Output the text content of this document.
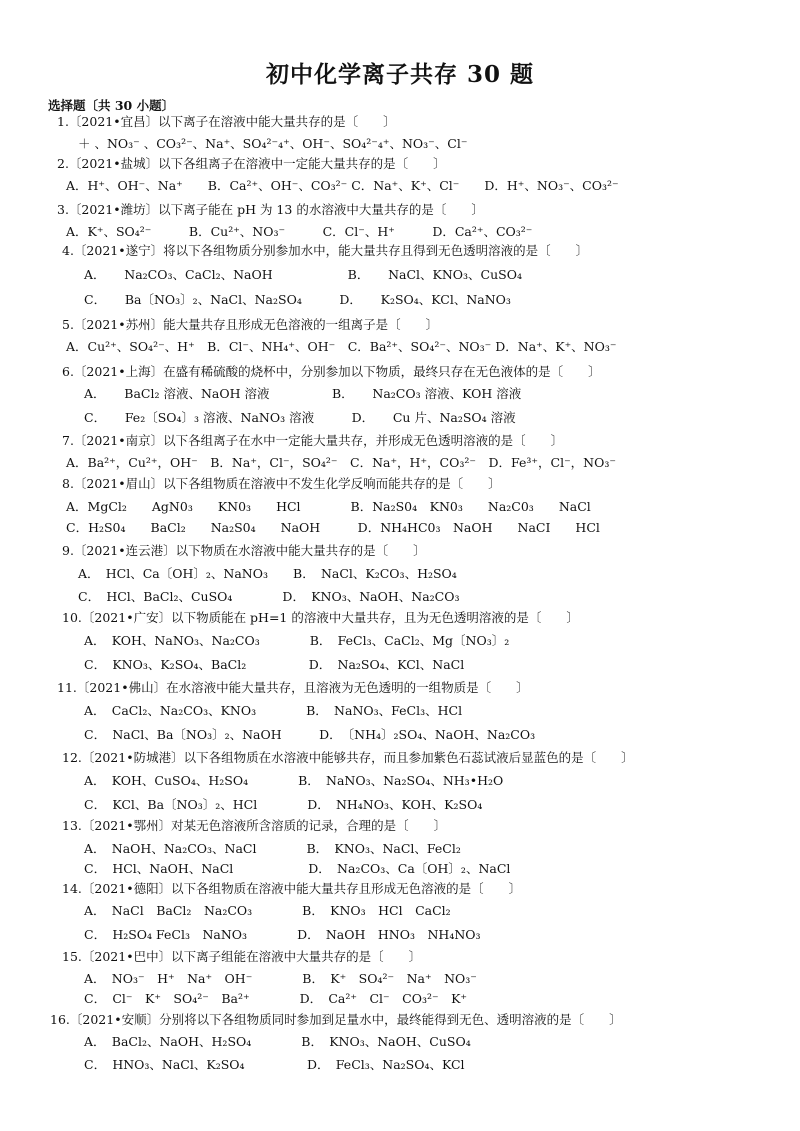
初中化学离子共存 30 题
选择题〔共 30 小题〕
1.〔2021•宜昌〕以下离子在溶液中能大量共存的是〔　　〕
＋ 、NO₃⁻ 、CO₃²⁻、Na⁺、SO₄²⁻₄⁺、OH⁻、SO₄²⁻₄⁺、NO₃⁻、Cl⁻
2.〔2021•盐城〕以下各组离子在溶液中一定能大量共存的是〔　　〕
A．H⁺、OH⁻、Na⁺　　B．Ca²⁺、OH⁻、CO₃²⁻ C．Na⁺、K⁺、Cl⁻　　D．H⁺、NO₃⁻、CO₃²⁻
3.〔2021•潍坊〕以下离子能在 pH 为 13 的水溶液中大量共存的是〔　　〕
A．K⁺、SO₄²⁻　　　B．Cu²⁺、NO₃⁻　　　C．Cl⁻、H⁺　　　D．Ca²⁺、CO₃²⁻
4.〔2021•遂宁〕将以下各组物质分别参加水中，能大量共存且得到无色透明溶液的是〔　　〕
A．　　Na₂CO₃、CaCl₂、NaOH　　　　　　B．　　NaCl、KNO₃、CuSO₄
C．　　Ba〔NO₃〕₂、NaCl、Na₂SO₄　　　D．　　K₂SO₄、KCl、NaNO₃
5.〔2021•苏州〕能大量共存且形成无色溶液的一组离子是〔　　〕
A．Cu²⁺、SO₄²⁻、H⁺　B．Cl⁻、NH₄⁺、OH⁻　C．Ba²⁺、SO₄²⁻、NO₃⁻ D．Na⁺、K⁺、NO₃⁻
6.〔2021•上海〕在盛有稀硫酸的烧杯中，分别参加以下物质，最终只存在无色液体的是〔　　〕
A．　　BaCl₂ 溶液、NaOH 溶液　　　　　B．　　Na₂CO₃ 溶液、KOH 溶液
C．　　Fe₂〔SO₄〕₃ 溶液、NaNO₃ 溶液　　　D．　　Cu 片、Na₂SO₄ 溶液
7.〔2021•南京〕以下各组离子在水中一定能大量共存，并形成无色透明溶液的是〔　　〕
A．Ba²⁺，Cu²⁺，OH⁻　B．Na⁺，Cl⁻，SO₄²⁻　C．Na⁺，H⁺，CO₃²⁻　D．Fe³⁺，Cl⁻，NO₃⁻
8.〔2021•眉山〕以下各组物质在溶液中不发生化学反响而能共存的是〔　　〕
A．MgCl₂　　AgN0₃　　KN0₃　　HCl　　　　B．Na₂S0₄　KN0₃　　Na₂C0₃　　NaCl
C．H₂S0₄　　BaCl₂　　Na₂S0₄　　NaOH　　　D．NH₄HC0₃　NaOH　　NaCI　　HCl
9.〔2021•连云港〕以下物质在水溶液中能大量共存的是〔　　〕
A．　HCl、Ca〔OH〕₂、NaNO₃　　B．　NaCl、K₂CO₃、H₂SO₄
C．　HCl、BaCl₂、CuSO₄　　　　D．　KNO₃、NaOH、Na₂CO₃
10.〔2021•广安〕以下物质能在 pH=1 的溶液中大量共存，且为无色透明溶液的是〔　　〕
A．　KOH、NaNO₃、Na₂CO₃　　　　B．　FeCl₃、CaCl₂、Mg〔NO₃〕₂
C．　KNO₃、K₂SO₄、BaCl₂　　　　　D．　Na₂SO₄、KCl、NaCl
11.〔2021•佛山〕在水溶液中能大量共存，且溶液为无色透明的一组物质是〔　　〕
A．　CaCl₂、Na₂CO₃、KNO₃　　　　B．　NaNO₃、FeCl₃、HCl
C．　NaCl、Ba〔NO₃〕₂、NaOH　　　D．　〔NH₄〕₂SO₄、NaOH、Na₂CO₃
12.〔2021•防城港〕以下各组物质在水溶液中能够共存，而且参加紫色石蕊试液后显蓝色的是〔　　〕
A．　KOH、CuSO₄、H₂SO₄　　　　B．　NaNO₃、Na₂SO₄、NH₃•H₂O
C．　KCl、Ba〔NO₃〕₂、HCl　　　　D．　NH₄NO₃、KOH、K₂SO₄
13.〔2021•鄂州〕对某无色溶液所含溶质的记录，合理的是〔　　〕
A．　NaOH、Na₂CO₃、NaCl　　　　B．　KNO₃、NaCl、FeCl₂
C．　HCl、NaOH、NaCl　　　　　　D．　Na₂CO₃、Ca〔OH〕₂、NaCl
14.〔2021•德阳〕以下各组物质在溶液中能大量共存且形成无色溶液的是〔　　〕
A．　NaCl　BaCl₂　Na₂CO₃　　　　B．　KNO₃　HCl　CaCl₂
C．　H₂SO₄ FeCl₃　NaNO₃　　　　D．　NaOH　HNO₃　NH₄NO₃
15.〔2021•巴中〕以下离子组能在溶液中大量共存的是〔　　〕
A．　NO₃⁻　H⁺　Na⁺　OH⁻　　　　B．　K⁺　SO₄²⁻　Na⁺　NO₃⁻
C．　Cl⁻　K⁺　SO₄²⁻　Ba²⁺　　　　D．　Ca²⁺　Cl⁻　CO₃²⁻　K⁺
16.〔2021•安顺〕分别将以下各组物质同时参加到足量水中，最终能得到无色、透明溶液的是〔　　〕
A．　BaCl₂、NaOH、H₂SO₄　　　　B．　KNO₃、NaOH、CuSO₄
C．　HNO₃、NaCl、K₂SO₄　　　　　D．　FeCl₃、Na₂SO₄、KCl
